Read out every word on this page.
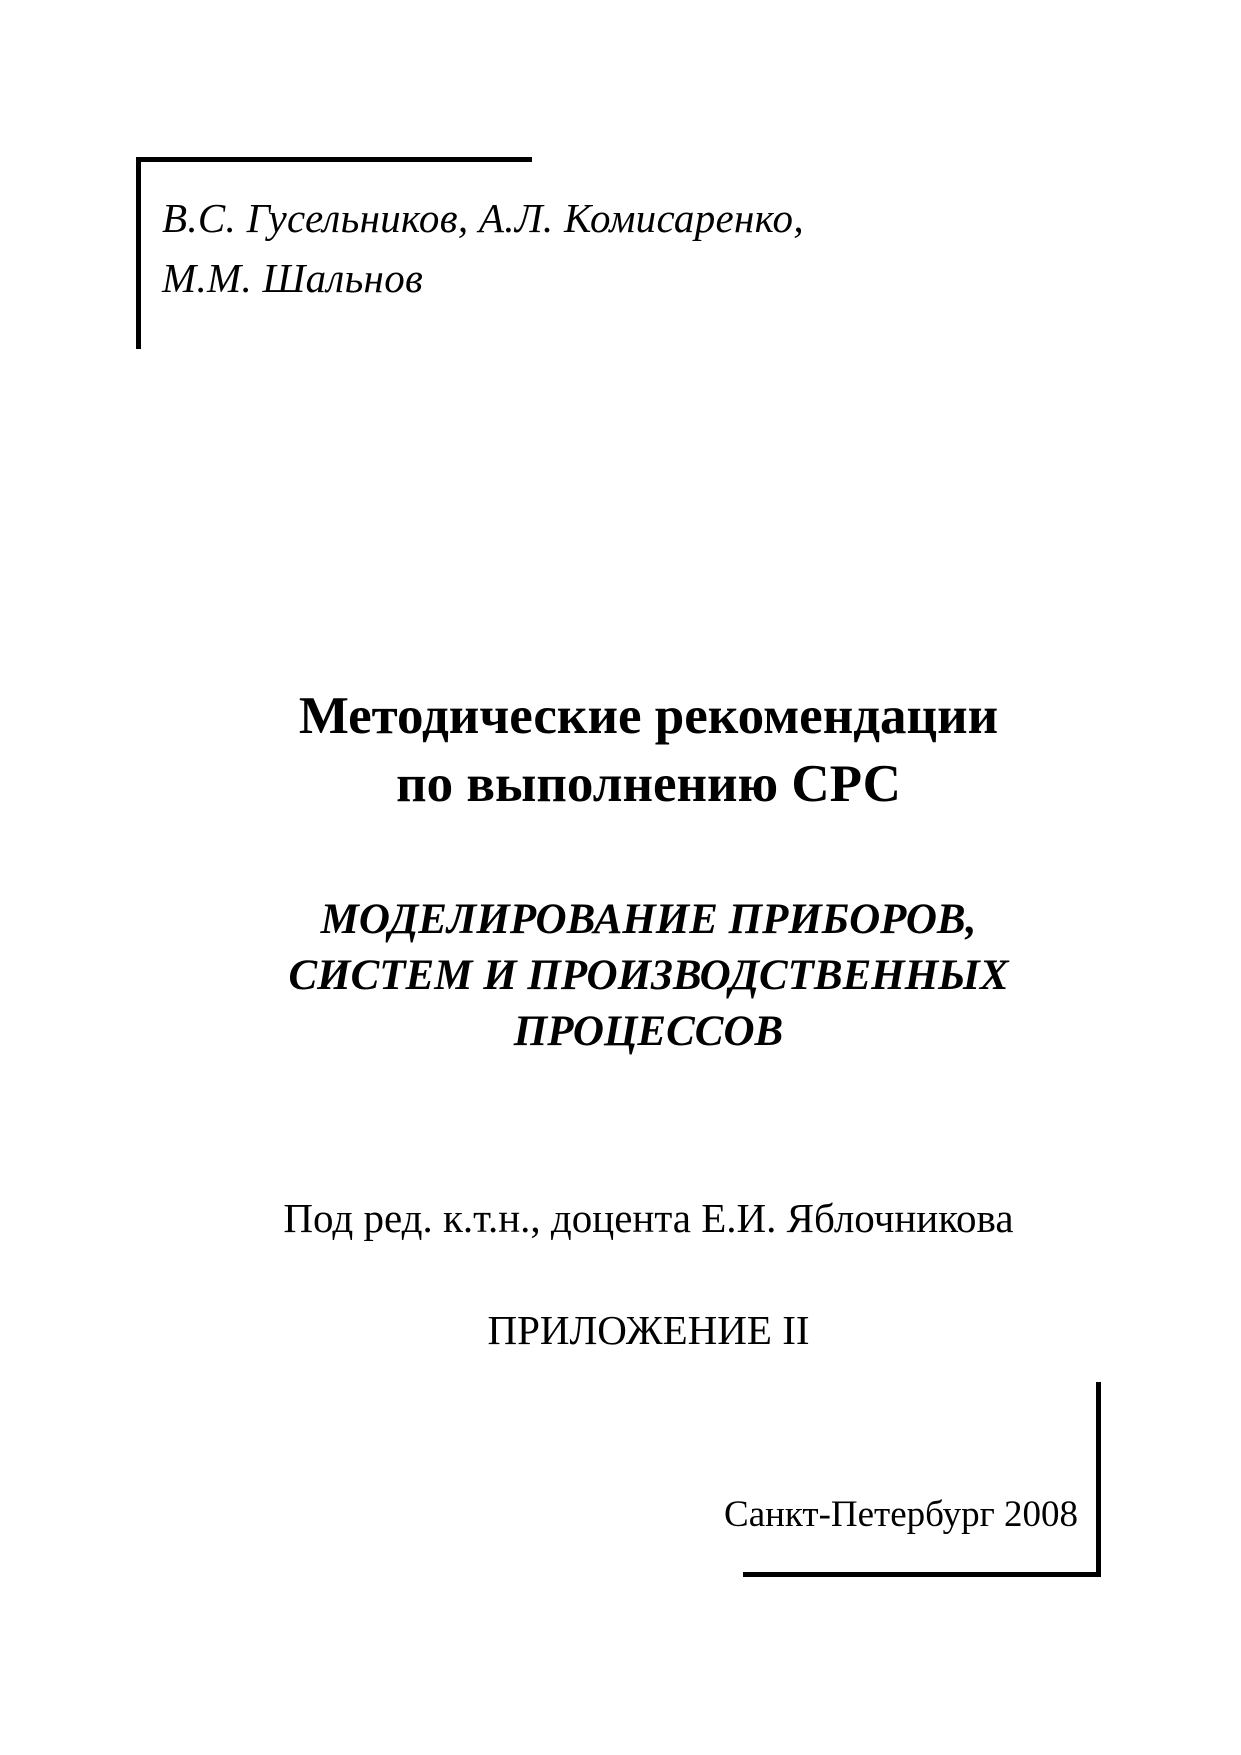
В.С. Гусельников, А.Л. Комисаренко,
М.М. Шальнов
Методические рекомендации
по выполнению СРС
МОДЕЛИРОВАНИЕ ПРИБОРОВ,
СИСТЕМ И ПРОИЗВОДСТВЕННЫХ
ПРОЦЕССОВ
Под ред. к.т.н., доцента Е.И. Яблочникова
ПРИЛОЖЕНИЕ II
Санкт-Петербург 2008
